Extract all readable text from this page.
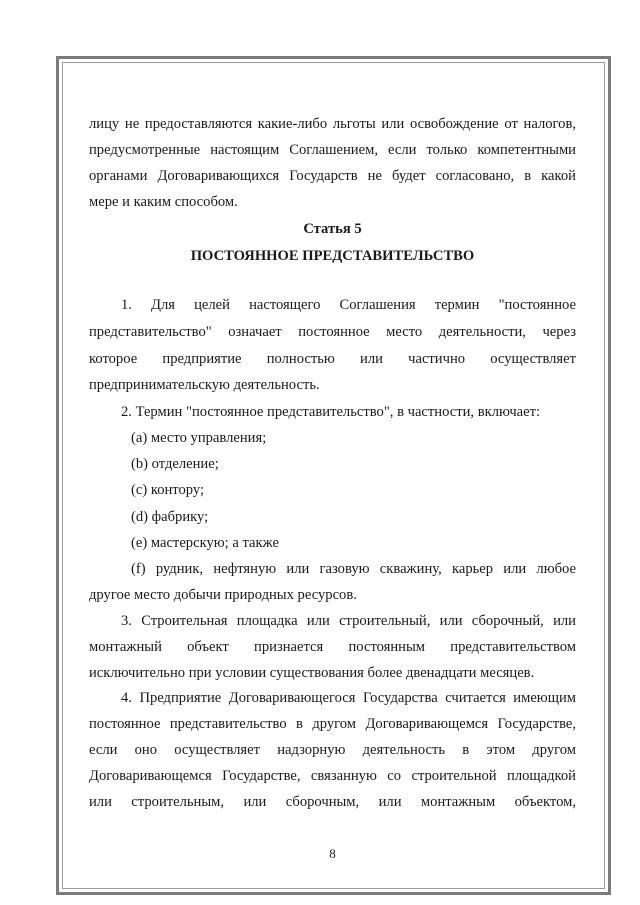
лицу не предоставляются какие-либо льготы или освобождение от налогов,
предусмотренные настоящим Соглашением, если только компетентными
органами Договаривающихся Государств не будет согласовано, в какой
мере и каким способом.
Статья 5
ПОСТОЯННОЕ ПРЕДСТАВИТЕЛЬСТВО
1. Для целей настоящего Соглашения термин "постоянное
представительство" означает постоянное место деятельности, через
которое предприятие полностью или частично осуществляет
предпринимательскую деятельность.
2. Термин "постоянное представительство", в частности, включает:
(a) место управления;
(b) отделение;
(c) контору;
(d) фабрику;
(e) мастерскую; а также
(f) рудник, нефтяную или газовую скважину, карьер или любое
другое место добычи природных ресурсов.
3. Строительная площадка или строительный, или сборочный, или
монтажный объект признается постоянным представительством
исключительно при условии существования более двенадцати месяцев.
4. Предприятие Договаривающегося Государства считается имеющим
постоянное представительство в другом Договаривающемся Государстве,
если оно осуществляет надзорную деятельность в этом другом
Договаривающемся Государстве, связанную со строительной площадкой
или строительным, или сборочным, или монтажным объектом,
8
